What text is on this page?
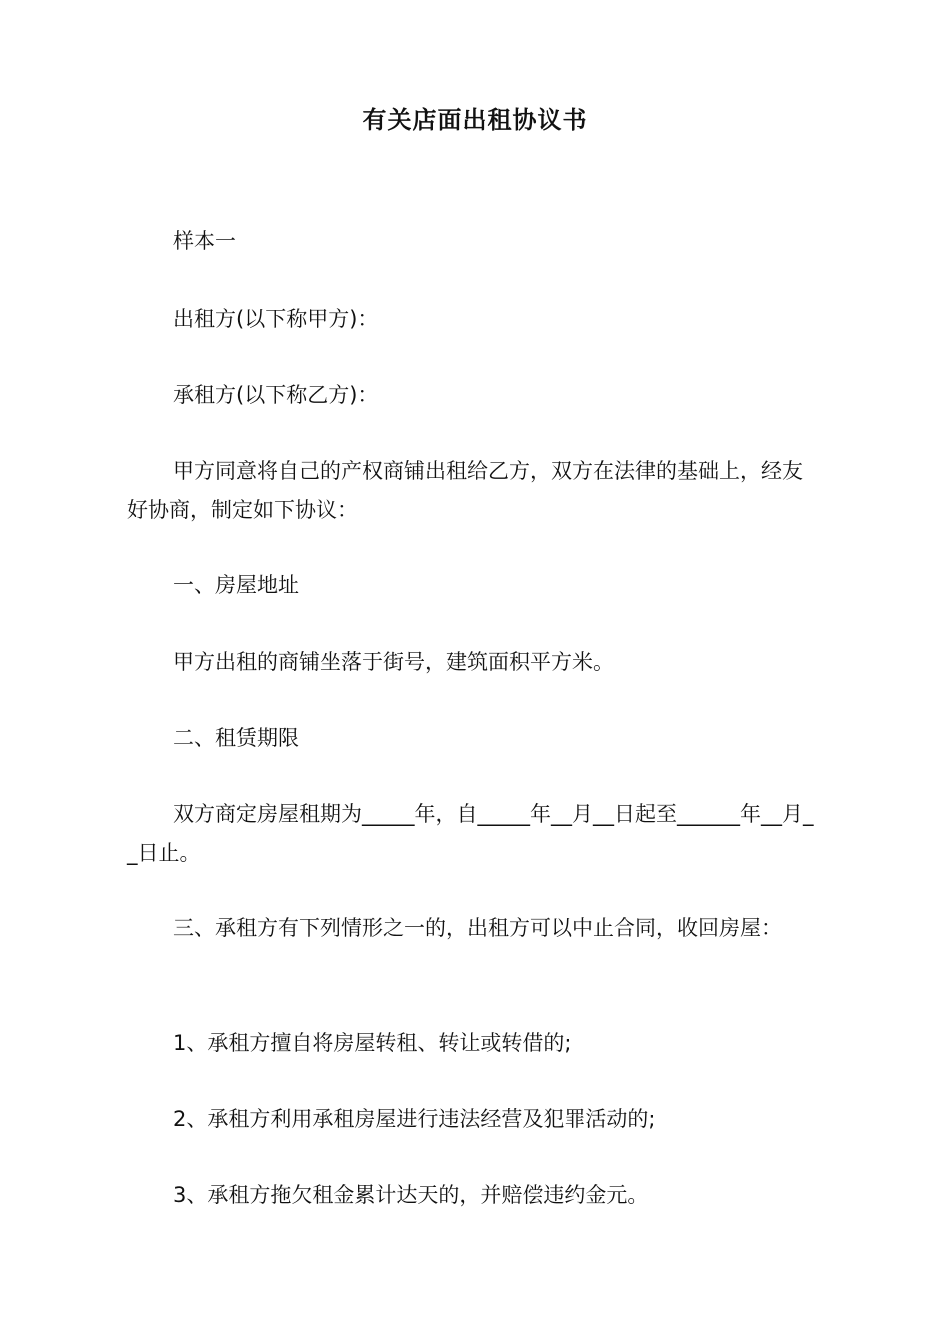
有关店面出租协议书

样本一

出租方(以下称甲方)：

承租方(以下称乙方)：

甲方同意将自己的产权商铺出租给乙方，双方在法律的基础上，经友好协商，制定如下协议：

一、房屋地址

甲方出租的商铺坐落于街号，建筑面积平方米。

二、租赁期限

双方商定房屋租期为_____年，自_____年__月__日起至______年__月__日止。

三、承租方有下列情形之一的，出租方可以中止合同，收回房屋：

1、承租方擅自将房屋转租、转让或转借的;

2、承租方利用承租房屋进行违法经营及犯罪活动的;

3、承租方拖欠租金累计达天的，并赔偿违约金元。
